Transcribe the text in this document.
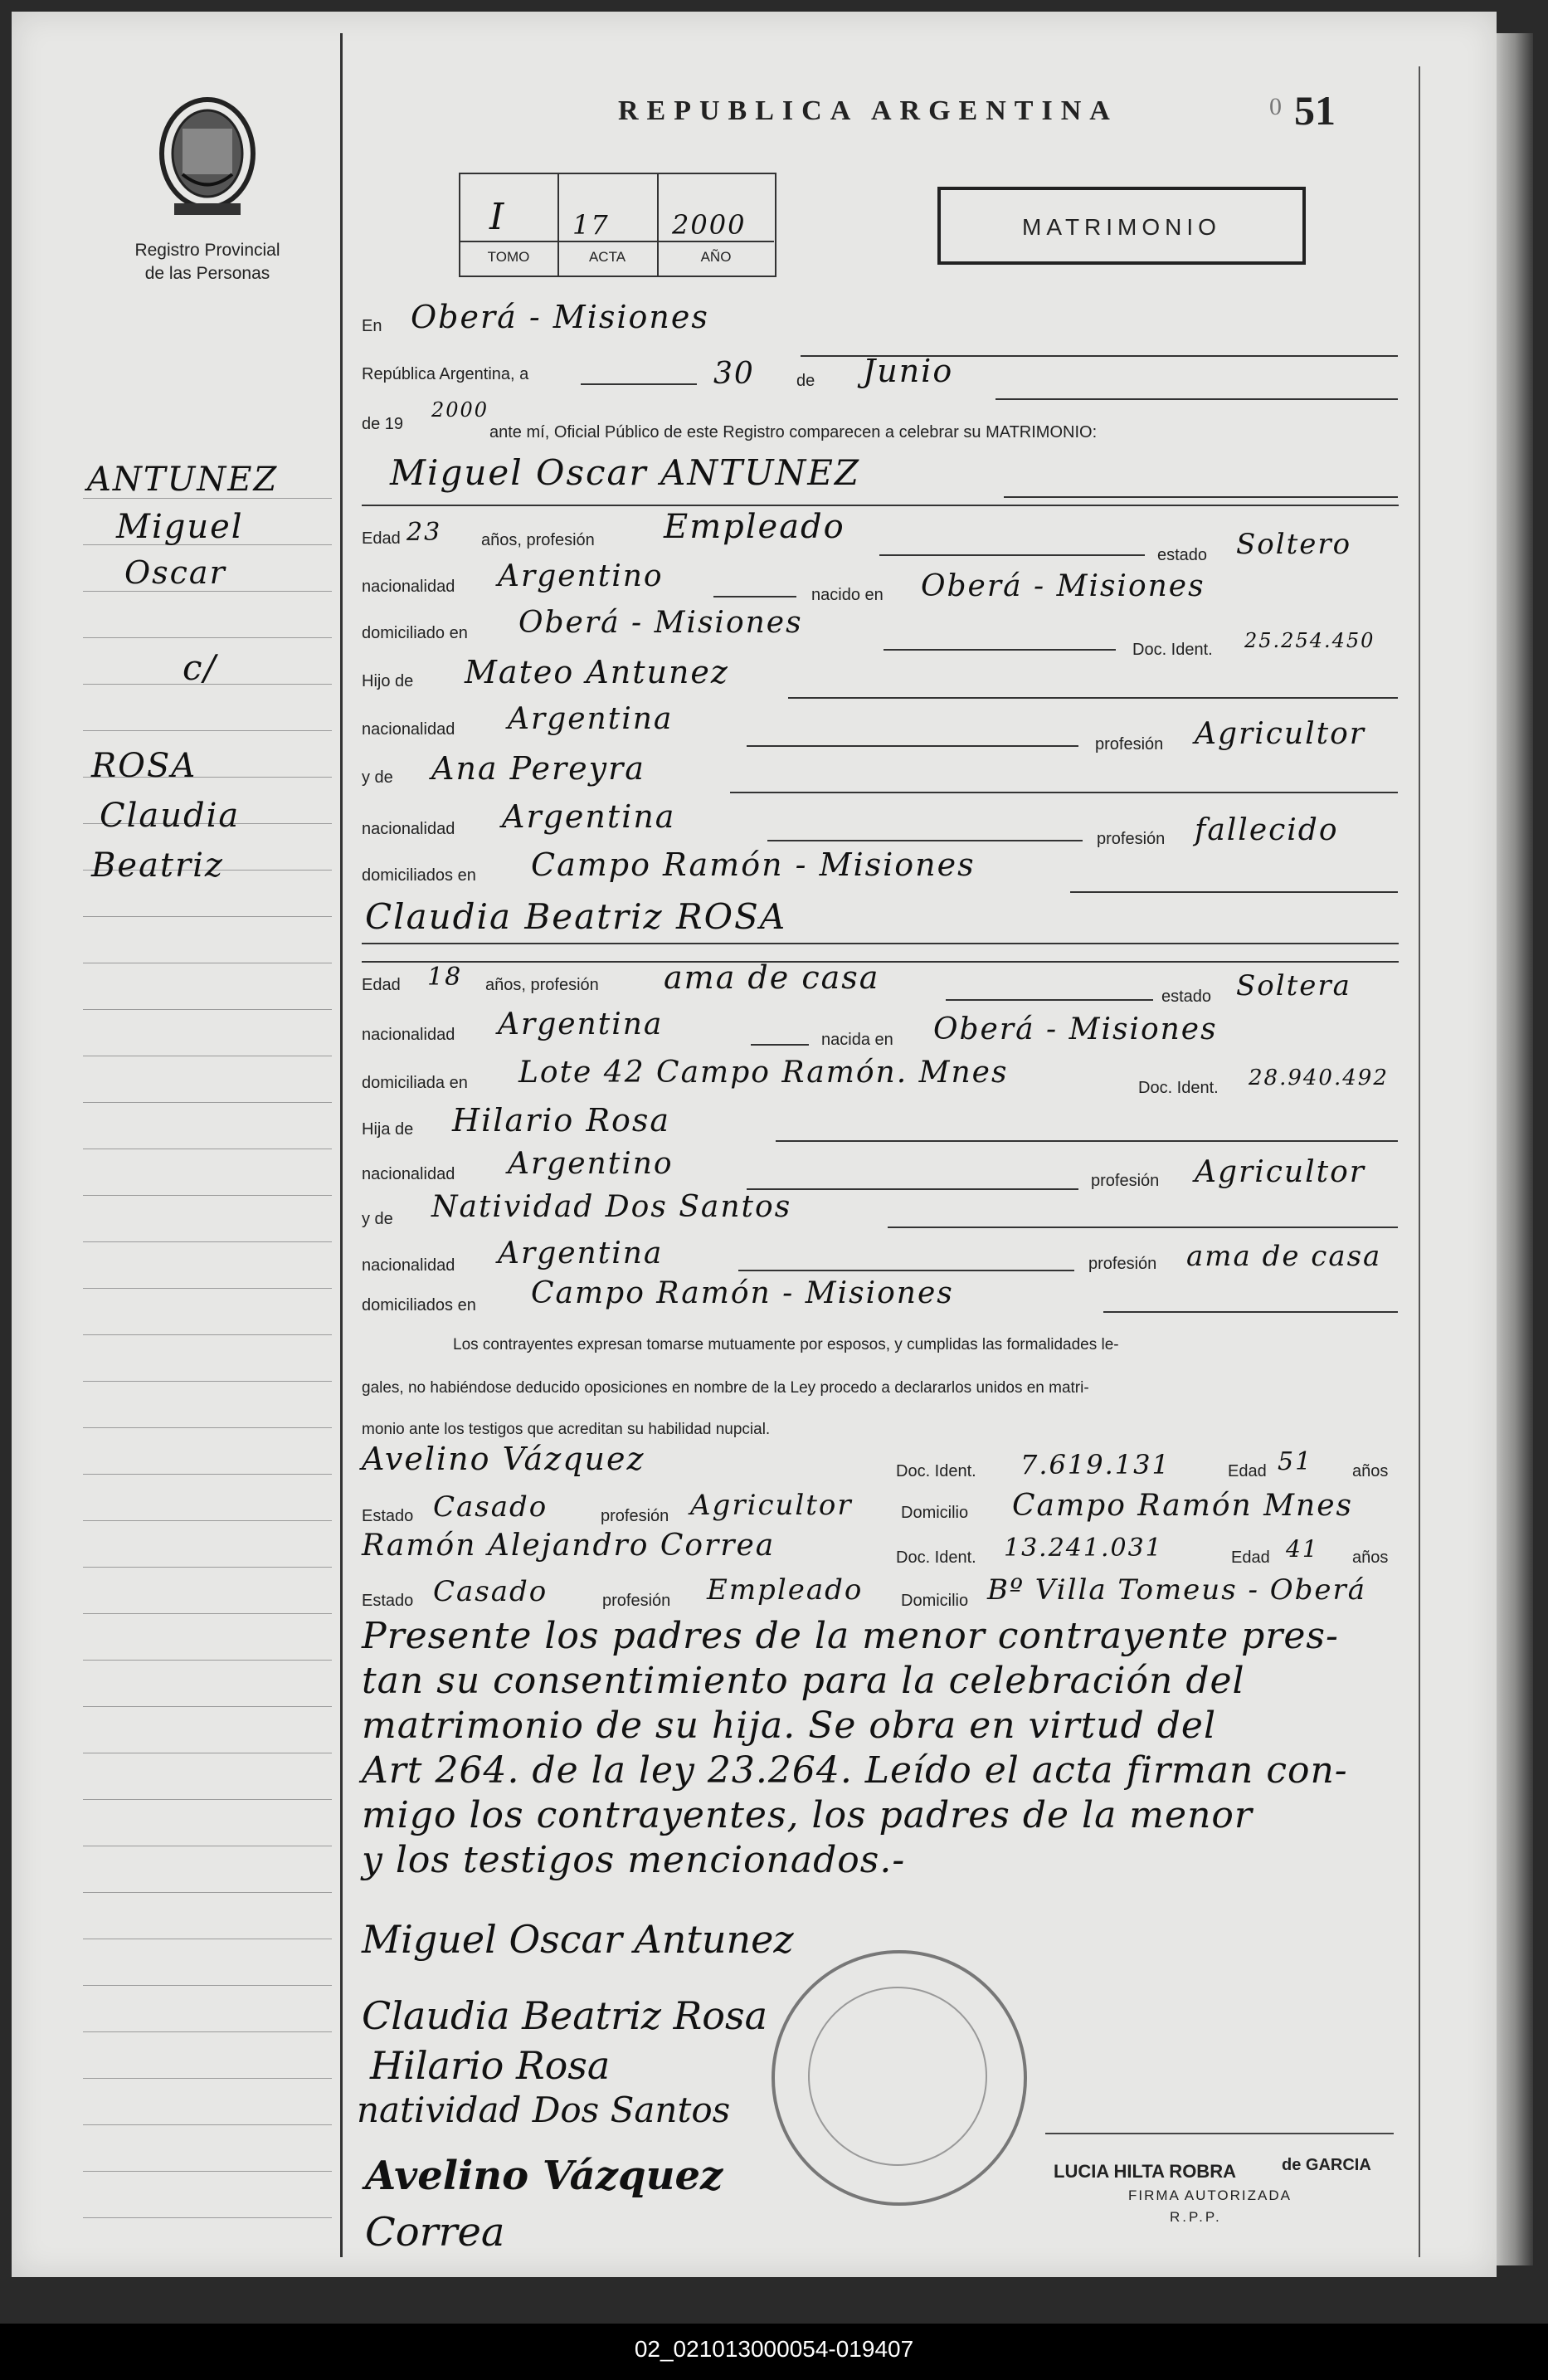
Registro Provincial
de las Personas
REPUBLICA ARGENTINA	0 51
I	17 2000
TOMO	ACTA	AÑO
MATRIMONIO
ANTUNEZ
Miguel
Oscar
c/
ROSA
Claudia
Beatriz
En Oberá - Misiones
República Argentina, a	30	de Junio
de 19
2000
ante mí, Oficial Público de este Registro comparecen a celebrar su MATRIMONIO:
Miguel Oscar ANTUNEZ
Edad 23 años, profesión Empleado
estado Soltero
nacionalidad Argentino
nacido en Oberá - Misiones
domiciliado en Oberá - Misiones
Doc. Ident. 25.254.450
Hijo de Mateo Antunez
nacionalidad Argentina
profesión Agricultor
y de Ana Pereyra
nacionalidad Argentina
profesión fallecido
domiciliados en Campo Ramón - Misiones
Claudia Beatriz ROSA
Edad 18 años, profesión ama de casa
estado Soltera
nacionalidad Argentina	nacida en Oberá - Misiones
domiciliada en Lote 42 Campo Ramón. Mnes	Doc. Ident. 28.940.492
Hija de Hilario Rosa
nacionalidad Argentino	profesión Agricultor
y de Natividad Dos Santos
nacionalidad Argentina	profesión ama de casa
domiciliados en Campo Ramón - Misiones
Los contrayentes expresan tomarse mutuamente por esposos, y cumplidas las formalidades le-
gales, no habiéndose deducido oposiciones en nombre de la Ley procedo a declararlos unidos en matri-
monio ante los testigos que acreditan su habilidad nupcial.
Avelino Vázquez	Doc. Ident. 7.619.131	Edad 51 años
Estado Casado	profesión Agricultor	Domicilio Campo Ramón Mnes
Ramón Alejandro Correa	Doc. Ident. 13.241.031	Edad 41 años
Estado Casado	profesión Empleado Domicilio Bº Villa Tomeus - Oberá
Presente los padres de la menor contrayente pres-
tan su consentimiento para la celebración del
matrimonio de su hija. Se obra en virtud del
Art 264. de la ley 23.264. Leído el acta firman con-
migo los contrayentes, los padres de la menor
y los testigos mencionados.-
Miguel Oscar Antunez
Claudia Beatriz Rosa
Hilario Rosa
natividad Dos Santos
Avelino Vázquez
Correa
LUCIA HILTA ROBRA	de GARCIA
FIRMA AUTORIZADA
R.P.P.
02_021013000054-019407
